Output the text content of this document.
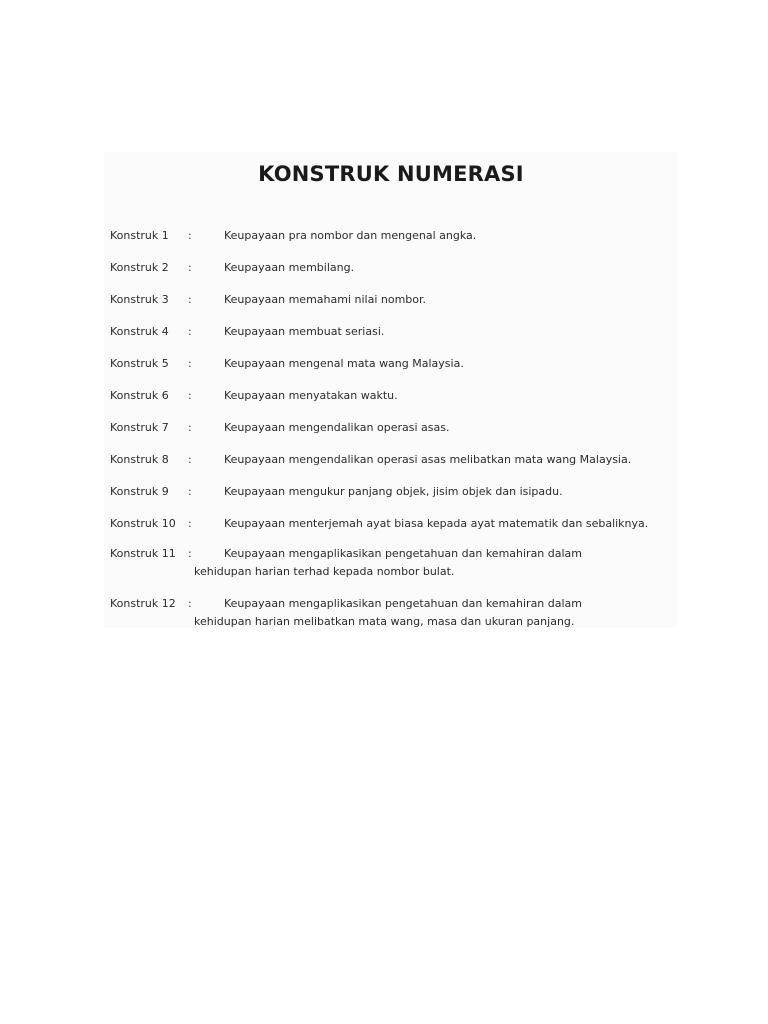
KONSTRUK NUMERASI
Konstruk 1 :	Keupayaan pra nombor dan mengenal angka.
Konstruk 2 :	Keupayaan membilang.
Konstruk 3 :	Keupayaan memahami nilai nombor.
Konstruk 4 :	Keupayaan membuat seriasi.
Konstruk 5 :	Keupayaan mengenal mata wang Malaysia.
Konstruk 6 :	Keupayaan menyatakan waktu.
Konstruk 7 :	Keupayaan mengendalikan operasi asas.
Konstruk 8 :	Keupayaan mengendalikan operasi asas melibatkan mata wang Malaysia.
Konstruk 9 :	Keupayaan mengukur panjang objek, jisim objek dan isipadu.
Konstruk 10 :	Keupayaan menterjemah ayat biasa kepada ayat matematik dan sebaliknya.
Konstruk 11 :	Keupayaan mengaplikasikan pengetahuan dan kemahiran dalam
kehidupan harian terhad kepada nombor bulat.
Konstruk 12 :	Keupayaan mengaplikasikan pengetahuan dan kemahiran dalam
kehidupan harian melibatkan mata wang, masa dan ukuran panjang.
